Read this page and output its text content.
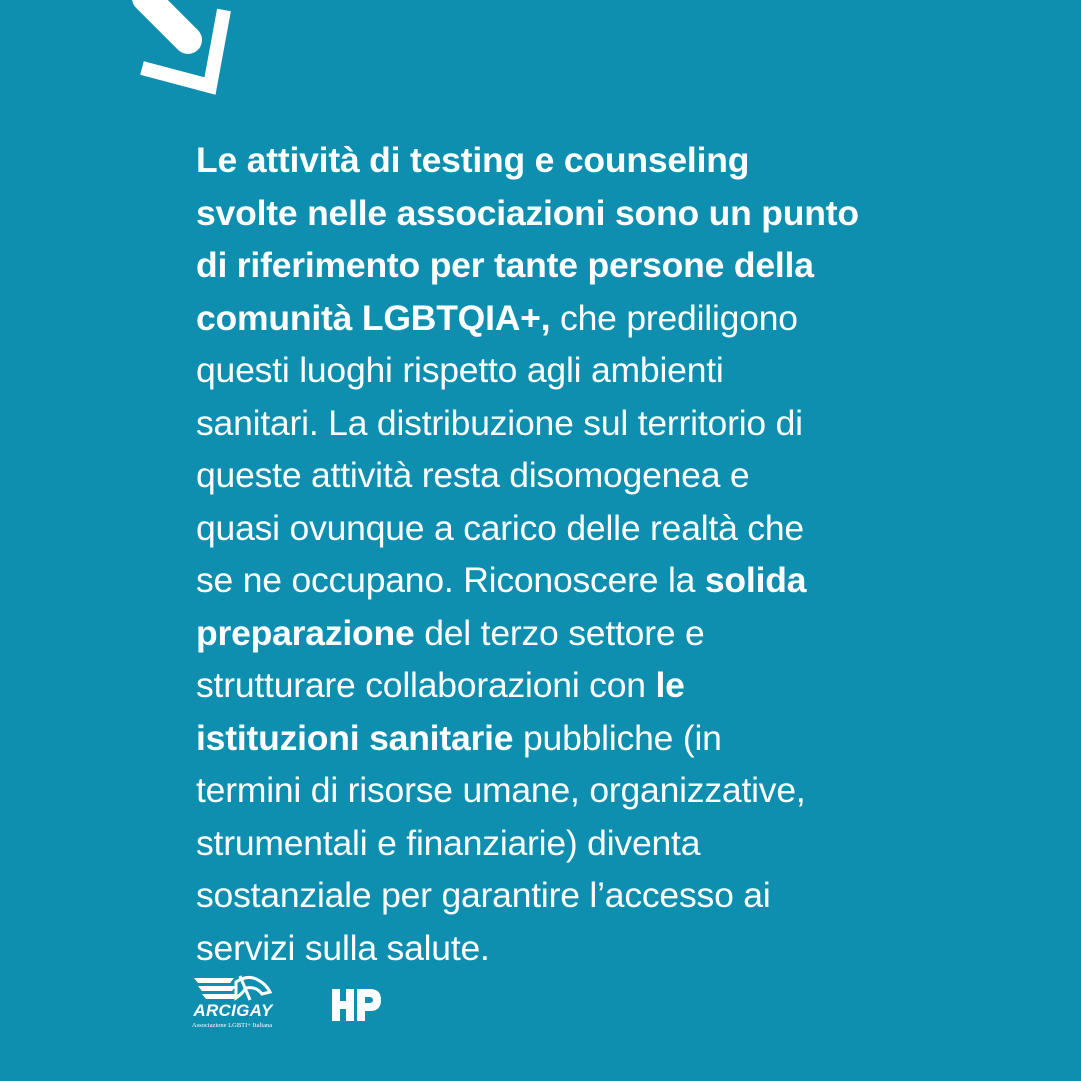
Le attività di testing e counseling
svolte nelle associazioni sono un punto
di riferimento per tante persone della
comunità LGBTQIA+, che prediligono
questi luoghi rispetto agli ambienti
sanitari. La distribuzione sul territorio di
queste attività resta disomogenea e
quasi ovunque a carico delle realtà che
se ne occupano. Riconoscere la solida
preparazione del terzo settore e
strutturare collaborazioni con le
istituzioni sanitarie pubbliche (in
termini di risorse umane, organizzative,
strumentali e finanziarie) diventa
sostanziale per garantire l’accesso ai
servizi sulla salute.
ARCIGAY
Associazione LGBTI+ Italiana
